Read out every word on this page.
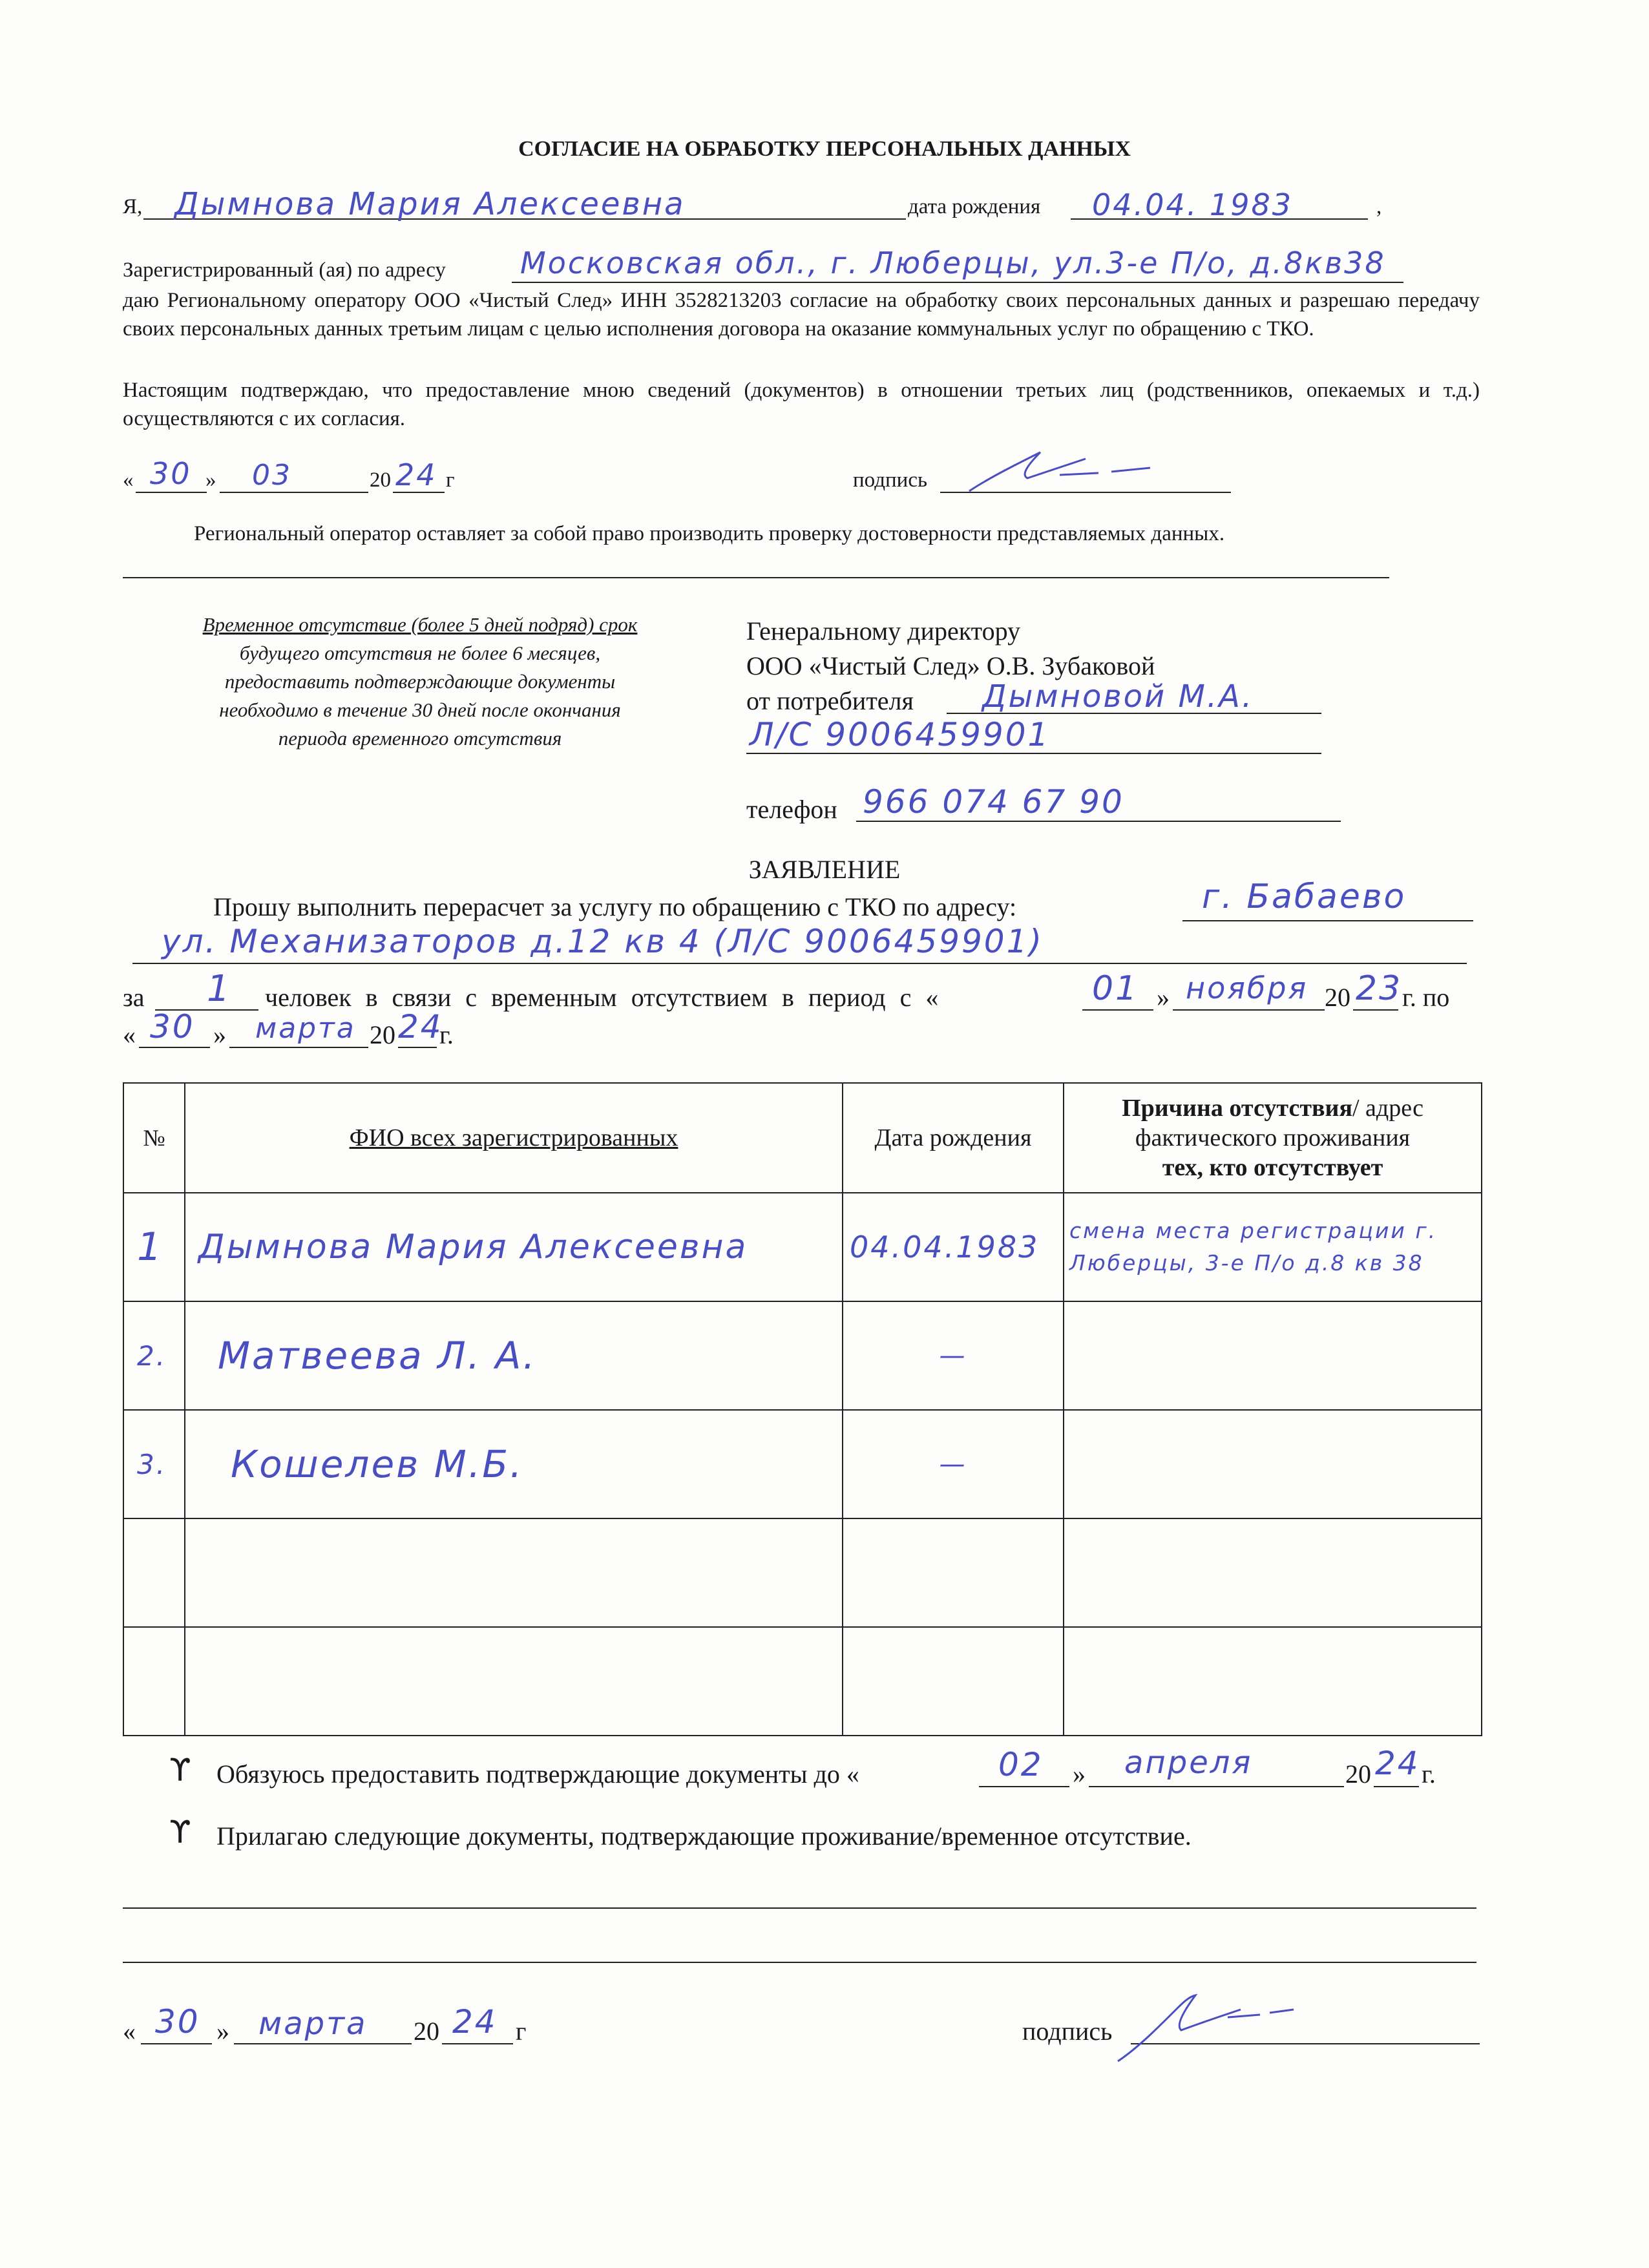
СОГЛАСИЕ НА ОБРАБОТКУ ПЕРСОНАЛЬНЫХ ДАННЫХ
Я, Дымнова Мария Алексеевна	дата рождения 04.04. 1983	,
Зарегистрированный (ая) по адресу	Московская обл., г. Люберцы, ул.3-е П/о, д.8кв38
даю Региональному оператору ООО «Чистый След» ИНН 3528213203 согласие на обработку своих персональных данных и разрешаю передачу своих персональных данных третьим лицам с целью исполнения договора на оказание коммунальных услуг по обращению с ТКО.
Настоящим подтверждаю, что предоставление мною сведений (документов) в отношении третьих лиц (родственников, опекаемых и т.д.) осуществляются с их согласия.
« 30 » 03	20 24 г	подпись
Региональный оператор оставляет за собой право производить проверку достоверности представляемых данных.
Временное отсутствие (более 5 дней подряд) срок
будущего отсутствия не более 6 месяцев,
предоставить подтверждающие документы
необходимо в течение 30 дней после окончания
периода временного отсутствия
Генеральному директору
ООО «Чистый След» О.В. Зубаковой
от потребителя Дымновой М.А.
Л/С 9006459901
телефон 966 074 67 90
ЗАЯВЛЕНИЕ
Прошу выполнить перерасчет за услугу по обращению с ТКО по адресу:	г. Бабаево
ул. Механизаторов д.12 кв 4 (Л/С 9006459901)
за 1 человек в связи с временным отсутствием в период с «	01 » ноября 20 23 г. по
« 30 » марта 20 24
г.
№	ФИО всех зарегистрированных	Дата рождения	Причина отсутствия/ адрес фактического проживания
тех, кто отсутствует
1	Дымнова Мария Алексеевна	04.04.1983	смена места регистрации г. Люберцы, 3-е П/о д.8 кв 38
2.	Матвеева Л. А.	—	
3.	Кошелев М.Б.	—	

ϒ Обязуюсь предоставить подтверждающие документы до «	02 » апреля	20 24 г.
ϒ Прилагаю следующие документы, подтверждающие проживание/временное отсутствие.
« 30 » марта 20 24 г	подпись
